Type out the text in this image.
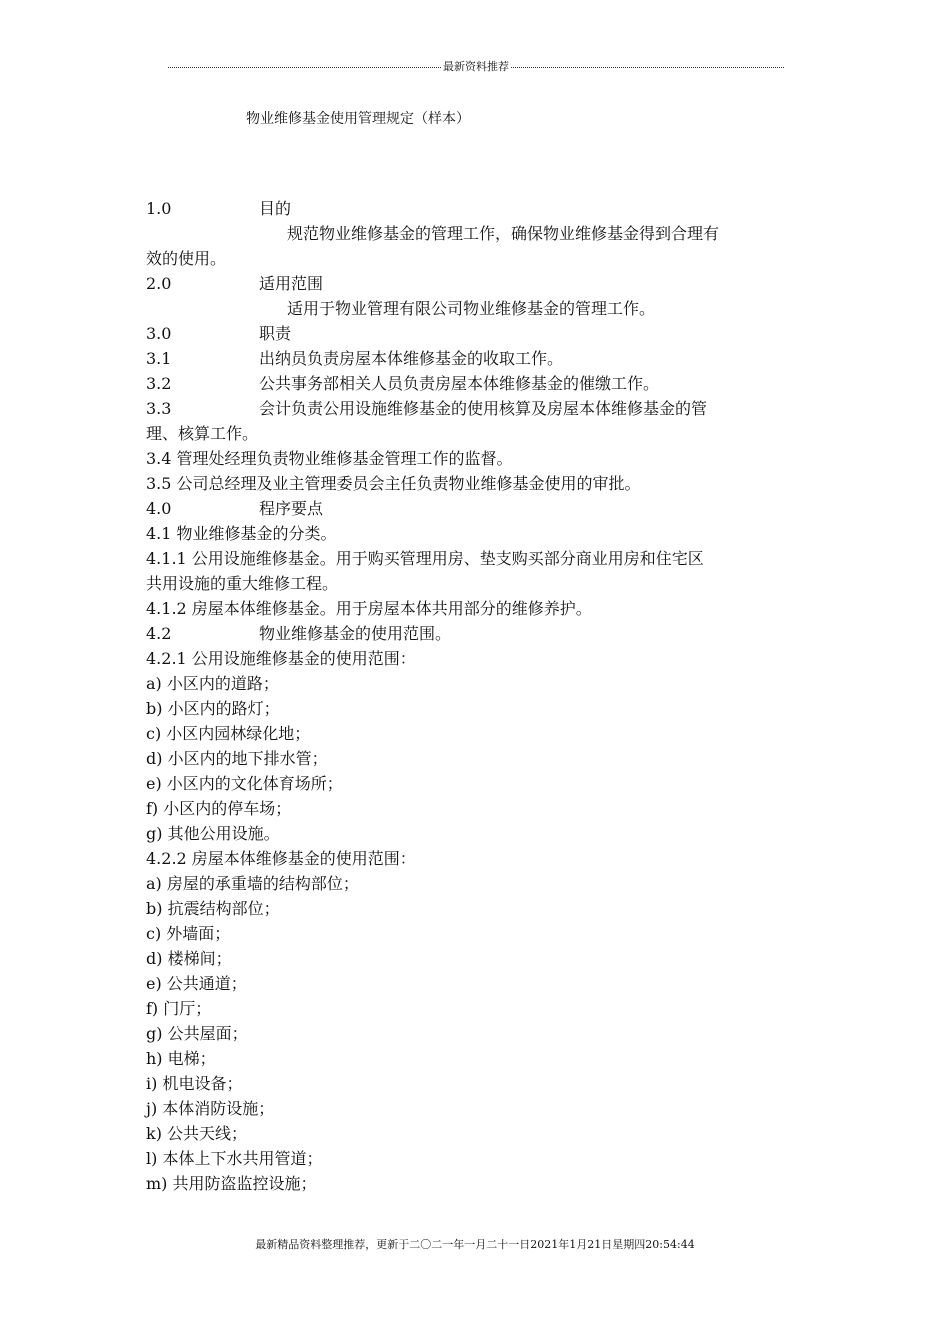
最新资料推荐
物业维修基金使用管理规定（样本）
1.0	目的
规范物业维修基金的管理工作，确保物业维修基金得到合理有
效的使用。
2.0	适用范围
适用于物业管理有限公司物业维修基金的管理工作。
3.0	职责
3.1	出纳员负责房屋本体维修基金的收取工作。
3.2	公共事务部相关人员负责房屋本体维修基金的催缴工作。
3.3	会计负责公用设施维修基金的使用核算及房屋本体维修基金的管
理、核算工作。
3.4 管理处经理负责物业维修基金管理工作的监督。
3.5 公司总经理及业主管理委员会主任负责物业维修基金使用的审批。
4.0	程序要点
4.1 物业维修基金的分类。
4.1.1 公用设施维修基金。用于购买管理用房、垫支购买部分商业用房和住宅区
共用设施的重大维修工程。
4.1.2 房屋本体维修基金。用于房屋本体共用部分的维修养护。
4.2	物业维修基金的使用范围。
4.2.1 公用设施维修基金的使用范围：
a) 小区内的道路；
b) 小区内的路灯；
c) 小区内园林绿化地；
d) 小区内的地下排水管；
e) 小区内的文化体育场所；
f) 小区内的停车场；
g) 其他公用设施。
4.2.2 房屋本体维修基金的使用范围：
a) 房屋的承重墙的结构部位；
b) 抗震结构部位；
c) 外墙面；
d) 楼梯间；
e) 公共通道；
f) 门厅；
g) 公共屋面；
h) 电梯；
i) 机电设备；
j) 本体消防设施；
k) 公共天线；
l) 本体上下水共用管道；
m) 共用防盗监控设施；
最新精品资料整理推荐，更新于二〇二一年一月二十一日2021年1月21日星期四20:54:44
